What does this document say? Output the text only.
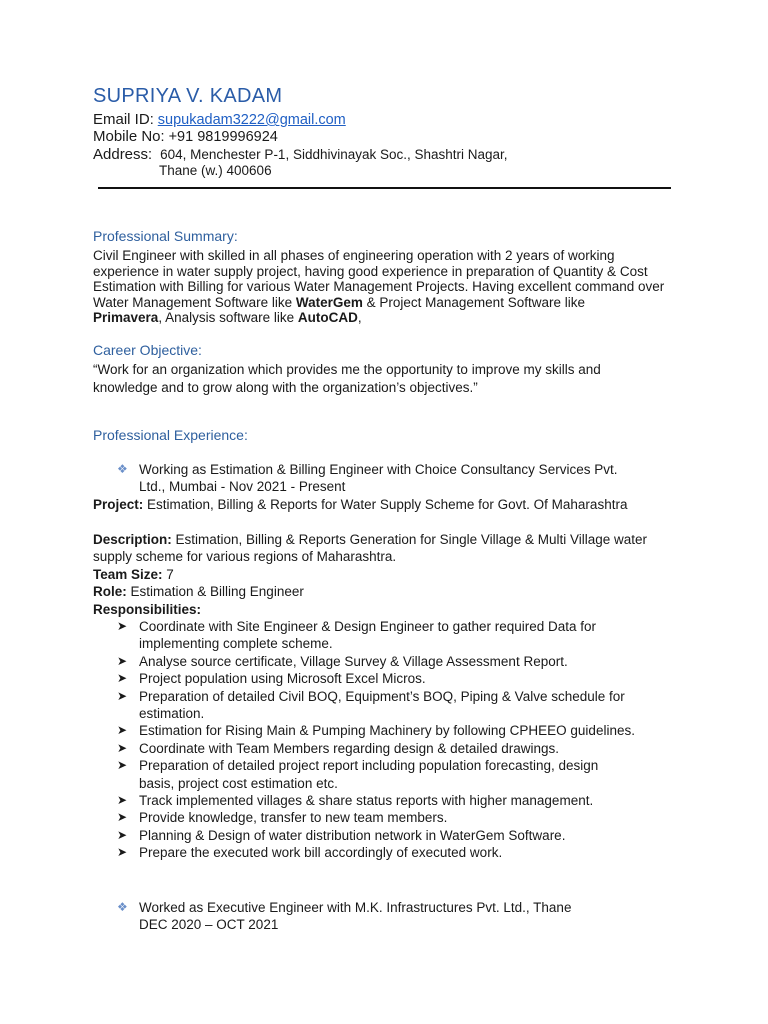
SUPRIYA V. KADAM
Email ID: supukadam3222@gmail.com
Mobile No: +91 9819996924
Address:  604, Menchester P-1, Siddhivinayak Soc., Shashtri Nagar,
Thane (w.) 400606
Professional Summary:
Civil Engineer with skilled in all phases of engineering operation with 2 years of working experience in water supply project, having good experience in preparation of Quantity & Cost Estimation with Billing for various Water Management Projects. Having excellent command over Water Management Software like WaterGem & Project Management Software like
Primavera, Analysis software like AutoCAD,
Career Objective:
“Work for an organization which provides me the opportunity to improve my skills and knowledge and to grow along with the organization’s objectives.”
Professional Experience:
❖ Working as Estimation & Billing Engineer with Choice Consultancy Services Pvt. Ltd., Mumbai - Nov 2021 - Present
Project: Estimation, Billing & Reports for Water Supply Scheme for Govt. Of Maharashtra
Description: Estimation, Billing & Reports Generation for Single Village & Multi Village water supply scheme for various regions of Maharashtra.
Team Size: 7
Role: Estimation & Billing Engineer
Responsibilities:
➤ Coordinate with Site Engineer & Design Engineer to gather required Data for implementing complete scheme.
➤ Analyse source certificate, Village Survey & Village Assessment Report.
➤ Project population using Microsoft Excel Micros.
➤ Preparation of detailed Civil BOQ, Equipment’s BOQ, Piping & Valve schedule for estimation.
➤ Estimation for Rising Main & Pumping Machinery by following CPHEEO guidelines.
➤ Coordinate with Team Members regarding design & detailed drawings.
➤ Preparation of detailed project report including population forecasting, design basis, project cost estimation etc.
➤ Track implemented villages & share status reports with higher management.
➤ Provide knowledge, transfer to new team members.
➤ Planning & Design of water distribution network in WaterGem Software.
➤ Prepare the executed work bill accordingly of executed work.
❖ Worked as Executive Engineer with M.K. Infrastructures Pvt. Ltd., Thane
DEC 2020 – OCT 2021
